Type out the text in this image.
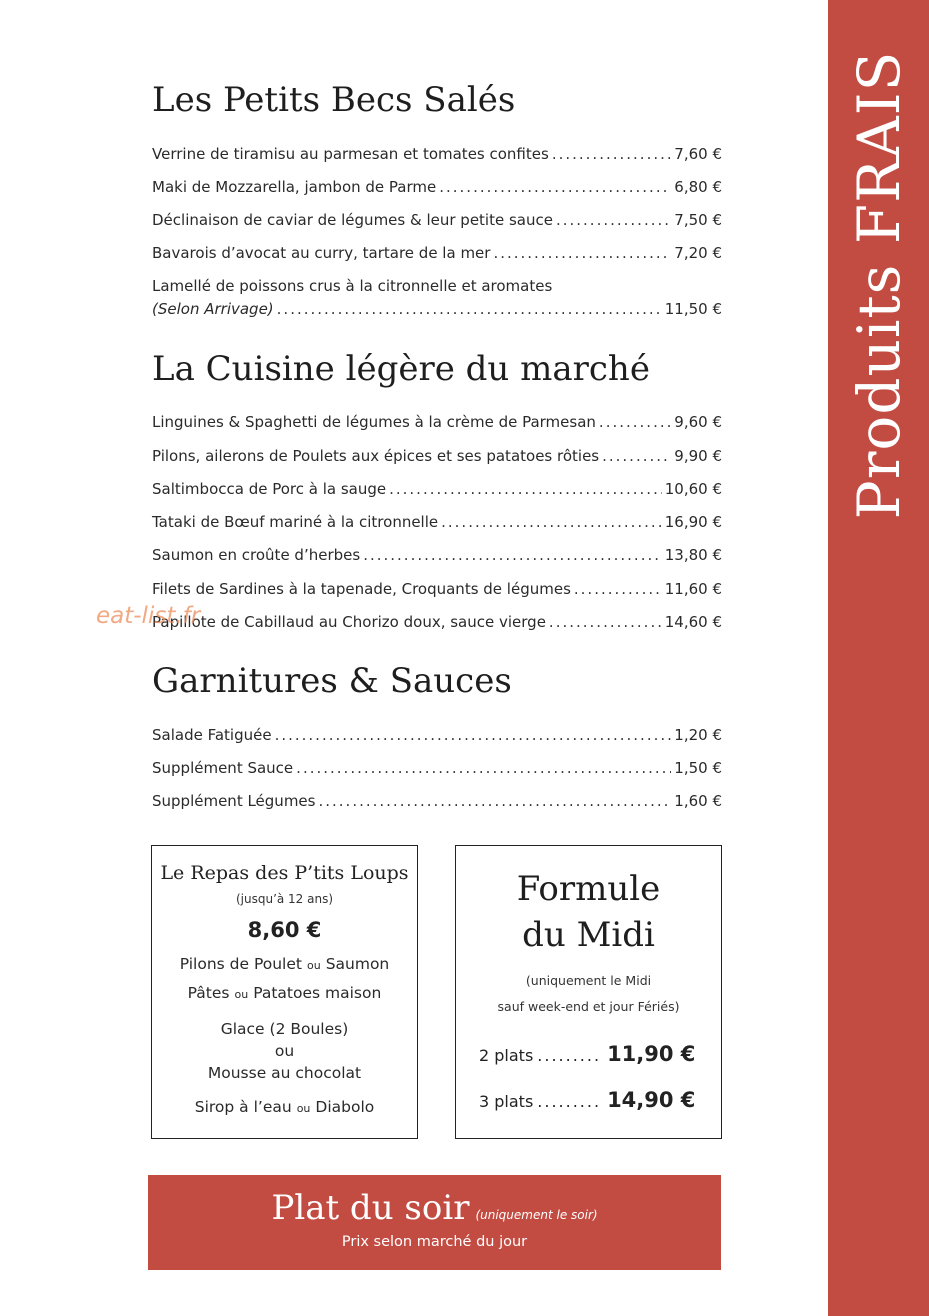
Produits FRAIS
Les Petits Becs Salés
Verrine de tiramisu au parmesan et tomates confites .....	7,60 €
Maki de Mozzarella, jambon de Parme .....	6,80 €
Déclinaison de caviar de légumes & leur petite sauce .....	7,50 €
Bavarois d’avocat au curry, tartare de la mer .....	7,20 €
Lamellé de poissons crus à la citronnelle et aromates
(Selon Arrivage) .....	11,50 €
La Cuisine légère du marché
Linguines & Spaghetti de légumes à la crème de Parmesan .....	9,60 €
Pilons, ailerons de Poulets aux épices et ses patatoes rôties .....	9,90 €
Saltimbocca de Porc à la sauge .....	10,60 €
Tataki de Bœuf mariné à la citronnelle .....	16,90 €
Saumon en croûte d’herbes .....	13,80 €
Filets de Sardines à la tapenade, Croquants de légumes .....	11,60 €
Papillote de Cabillaud au Chorizo doux, sauce vierge .....	14,60 €
eat-list.fr
Garnitures & Sauces
Salade Fatiguée .....	1,20 €
Supplément Sauce .....	1,50 €
Supplément Légumes .....	1,60 €
Le Repas des P’tits Loups
(jusqu’à 12 ans)
8,60 €
Pilons de Poulet ou Saumon
Pâtes ou Patatoes maison
Glace (2 Boules)
ou
Mousse au chocolat
Sirop à l’eau ou Diabolo
Formule
du Midi
(uniquement le Midi
sauf week-end et jour Fériés)
2 plats ......... 11,90 €
3 plats ......... 14,90 €
Plat du soir (uniquement le soir)
Prix selon marché du jour
